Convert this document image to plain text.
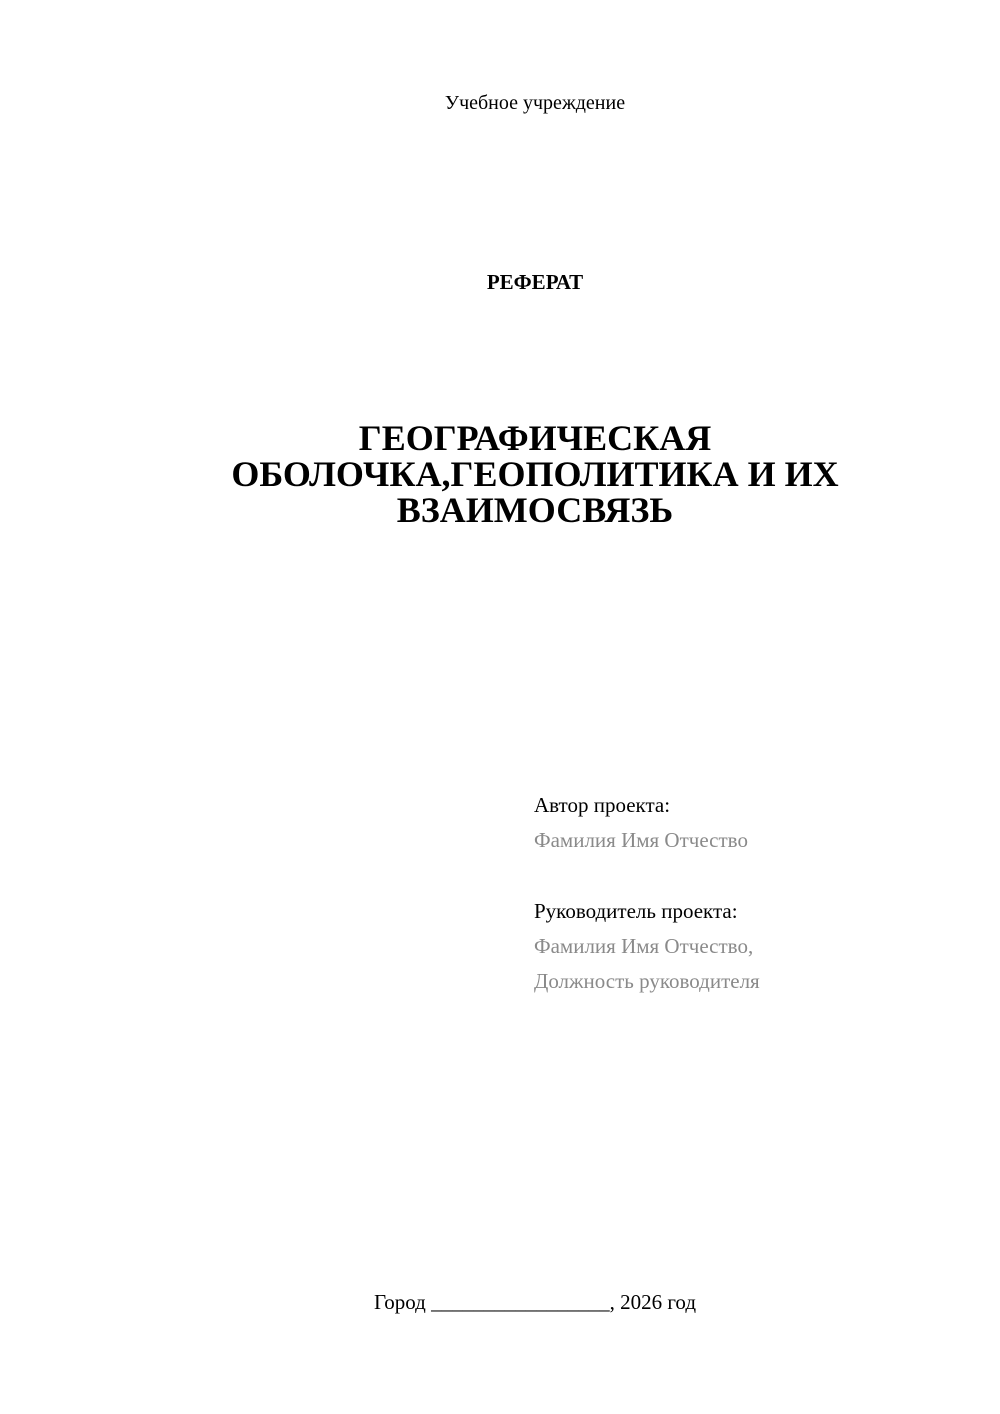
Учебное учреждение
РЕФЕРАТ
ГЕОГРАФИЧЕСКАЯ
ОБОЛОЧКА,ГЕОПОЛИТИКА И ИХ
ВЗАИМОСВЯЗЬ
Автор проекта:
Фамилия Имя Отчество
Руководитель проекта:
Фамилия Имя Отчество,
Должность руководителя
Город _________________, 2026 год
